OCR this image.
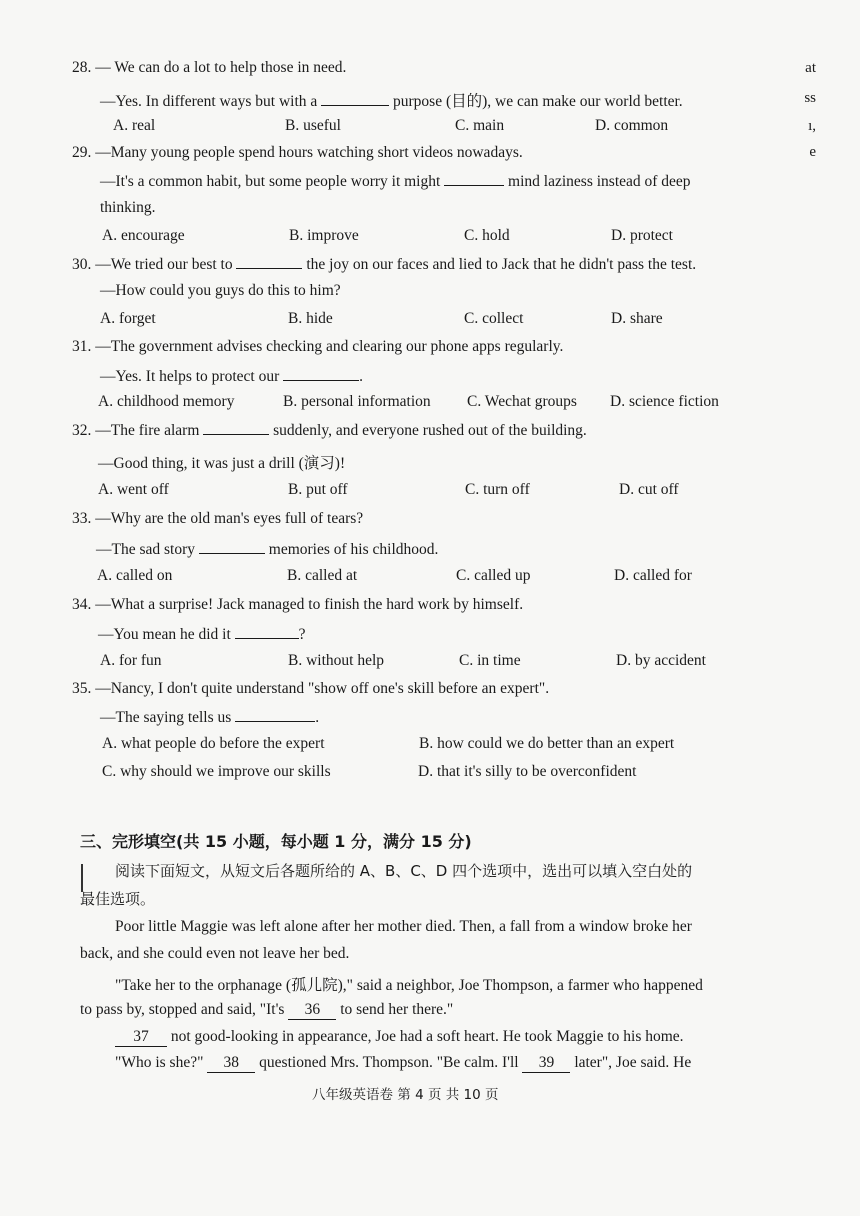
at
ss
ı,
e
28. — We can do a lot to help those in need.
—Yes. In different ways but with a	purpose (目的), we can make our world better.
A. real	B. useful	C. main	D. common
29. —Many young people spend hours watching short videos nowadays.
—It's a common habit, but some people worry it might	mind laziness instead of deep
thinking.
A. encourage	B. improve	C. hold	D. protect
30. —We tried our best to	the joy on our faces and lied to Jack that he didn't pass the test.
—How could you guys do this to him?
A. forget	B. hide	C. collect	D. share
31. —The government advises checking and clearing our phone apps regularly.
—Yes. It helps to protect our	.
A. childhood memory	B. personal information C. Wechat groups D. science fiction
32. —The fire alarm	suddenly, and everyone rushed out of the building.
—Good thing, it was just a drill (演习)!
A. went off	B. put off	C. turn off	D. cut off
33. —Why are the old man's eyes full of tears?
—The sad story	memories of his childhood.
A. called on	B. called at	C. called up	D. called for
34. —What a surprise! Jack managed to finish the hard work by himself.
—You mean he did it	?
A. for fun	B. without help	C. in time	D. by accident
35. —Nancy, I don't quite understand "show off one's skill before an expert".
—The saying tells us	.
A. what people do before the expert	B. how could we do better than an expert
C. why should we improve our skills	D. that it's silly to be overconfident
三、完形填空(共 15 小题，每小题 1 分，满分 15 分)
阅读下面短文，从短文后各题所给的 A、B、C、D 四个选项中，选出可以填入空白处的
最佳选项。
Poor little Maggie was left alone after her mother died. Then, a fall from a window broke her
back, and she could even not leave her bed.
"Take her to the orphanage (孤儿院)," said a neighbor, Joe Thompson, a farmer who happened
to pass by, stopped and said, "It's 36 to send her there."
37 not good-looking in appearance, Joe had a soft heart. He took Maggie to his home.
"Who is she?" 38 questioned Mrs. Thompson. "Be calm. I'll 39 later", Joe said. He
八年级英语卷 第 4 页 共 10 页
